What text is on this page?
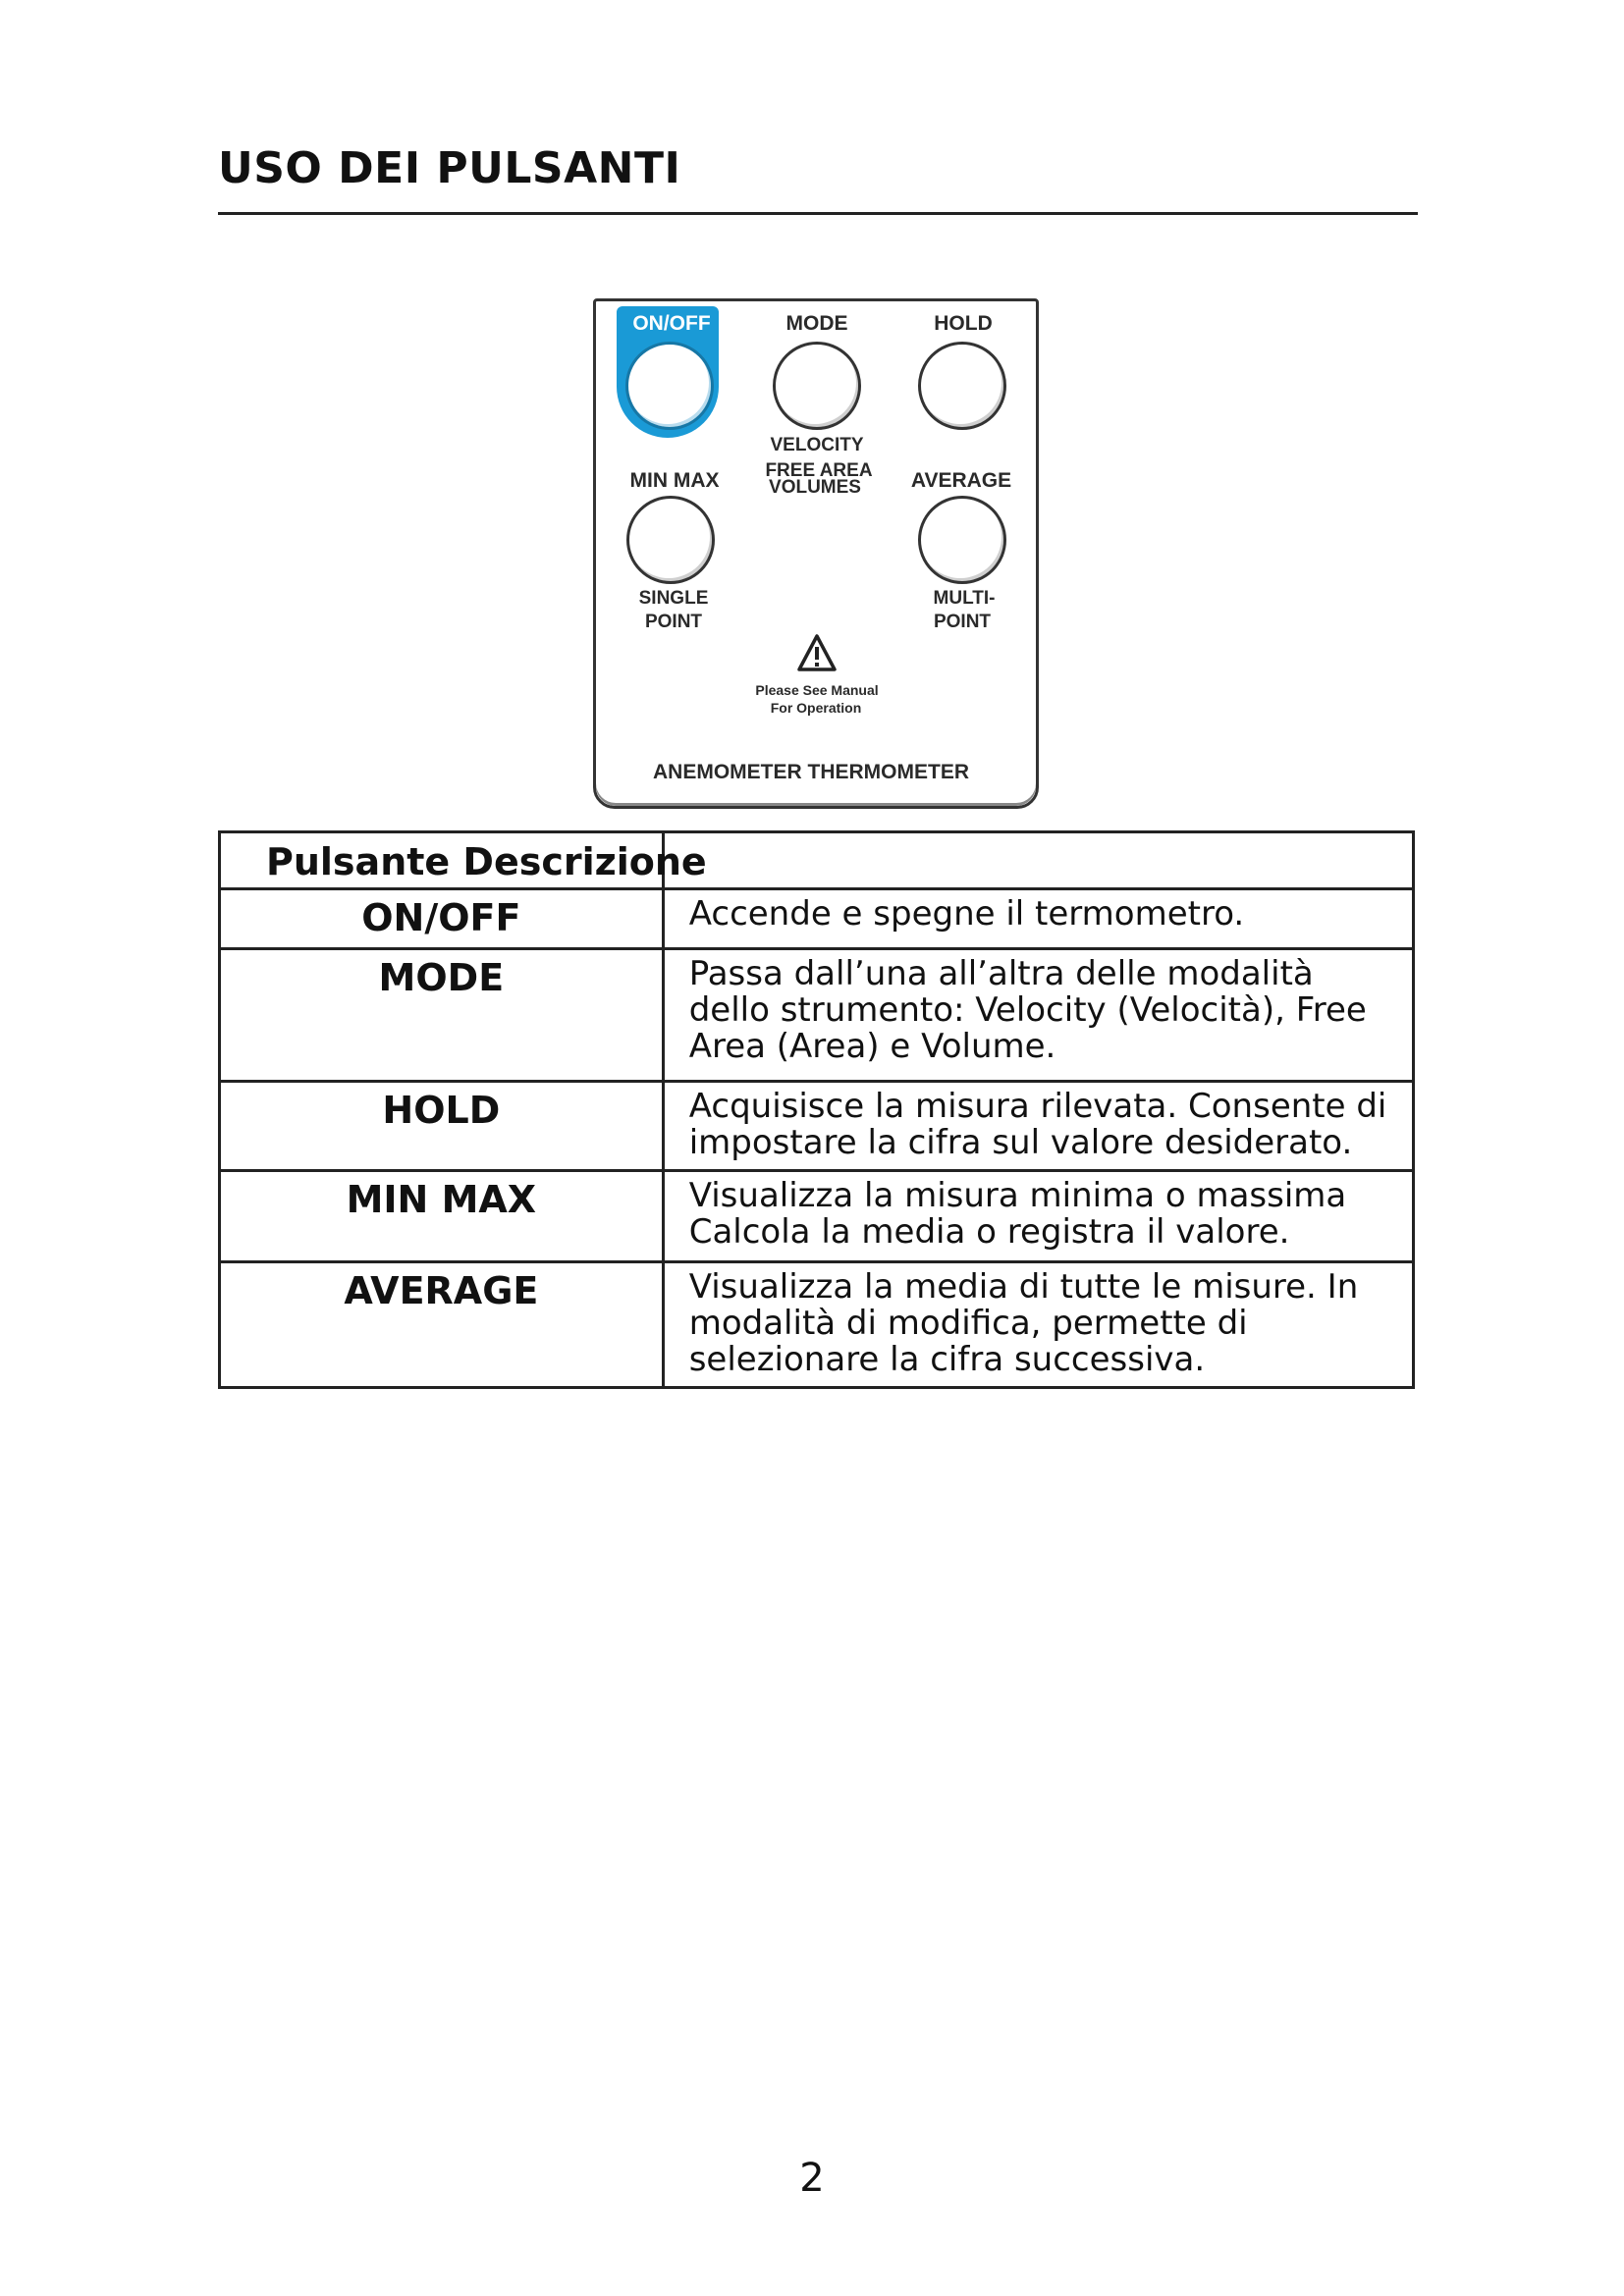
USO DEI PULSANTI
ON/OFF	MODE	HOLD
VELOCITY
FREE AREA
VOLUMES
MIN MAX	AVERAGE
SINGLE
POINT
MULTI-
POINT
Please See Manual
For Operation
ANEMOMETER THERMOMETER
Pulsante Descrizione	
ON/OFF	Accende e spegne il termometro.
MODE	Passa dall’una all’altra delle modalità dello strumento: Velocity (Velocità), Free Area (Area) e Volume.
HOLD	Acquisisce la misura rilevata. Consente di impostare la cifra sul valore desiderato.
MIN MAX	Visualizza la misura minima o massima Calcola la media o registra il valore.
AVERAGE	Visualizza la media di tutte le misure. In modalità di modifica, permette di selezionare la cifra successiva.
2
